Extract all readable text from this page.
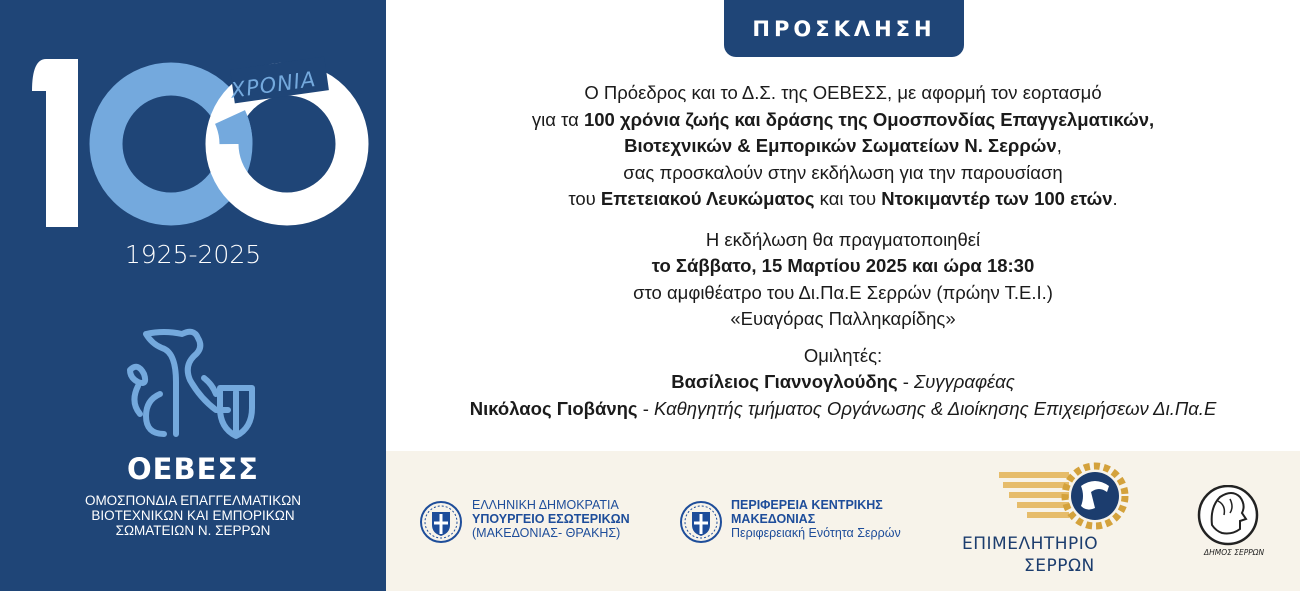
ΧΡΟΝΙΑ
1925-2025
ΟΕΒΕΣΣ
ΟΜΟΣΠΟΝΔΙΑ ΕΠΑΓΓΕΛΜΑΤΙΚΩΝ
ΒΙΟΤΕΧΝΙΚΩΝ ΚΑΙ ΕΜΠΟΡΙΚΩΝ
ΣΩΜΑΤΕΙΩΝ Ν. ΣΕΡΡΩΝ
ΠΡΟΣΚΛΗΣΗ
Ο Πρόεδρος και το Δ.Σ. της ΟΕΒΕΣΣ, με αφορμή τον εορτασμό
για τα 100 χρόνια ζωής και δράσης της Ομοσπονδίας Επαγγελματικών,
Βιοτεχνικών & Εμπορικών Σωματείων Ν. Σερρών,
σας προσκαλούν στην εκδήλωση για την παρουσίαση
του Επετειακού Λευκώματος και του Ντοκιμαντέρ των 100 ετών.
Η εκδήλωση θα πραγματοποιηθεί
το Σάββατο, 15 Μαρτίου 2025 και ώρα 18:30
στο αμφιθέατρο του Δι.Πα.Ε Σερρών (πρώην Τ.Ε.Ι.)
«Ευαγόρας Παλληκαρίδης»
Ομιλητές:
Βασίλειος Γιαννογλούδης - Συγγραφέας
Νικόλαος Γιοβάνης - Καθηγητής τμήματος Οργάνωσης & Διοίκησης Επιχειρήσεων Δι.Πα.Ε
ΕΛΛΗΝΙΚΗ ΔΗΜΟΚΡΑΤΙΑ
ΥΠΟΥΡΓΕΙΟ ΕΣΩΤΕΡΙΚΩΝ
(ΜΑΚΕΔΟΝΙΑΣ- ΘΡΑΚΗΣ)
ΠΕΡΙΦΕΡΕΙΑ ΚΕΝΤΡΙΚΗΣ
ΜΑΚΕΔΟΝΙΑΣ
Περιφερειακή Ενότητα Σερρών
ΕΠΙΜΕΛΗΤΗΡΙΟ
ΣΕΡΡΩΝ
ΔΗΜΟΣ ΣΕΡΡΩΝ
